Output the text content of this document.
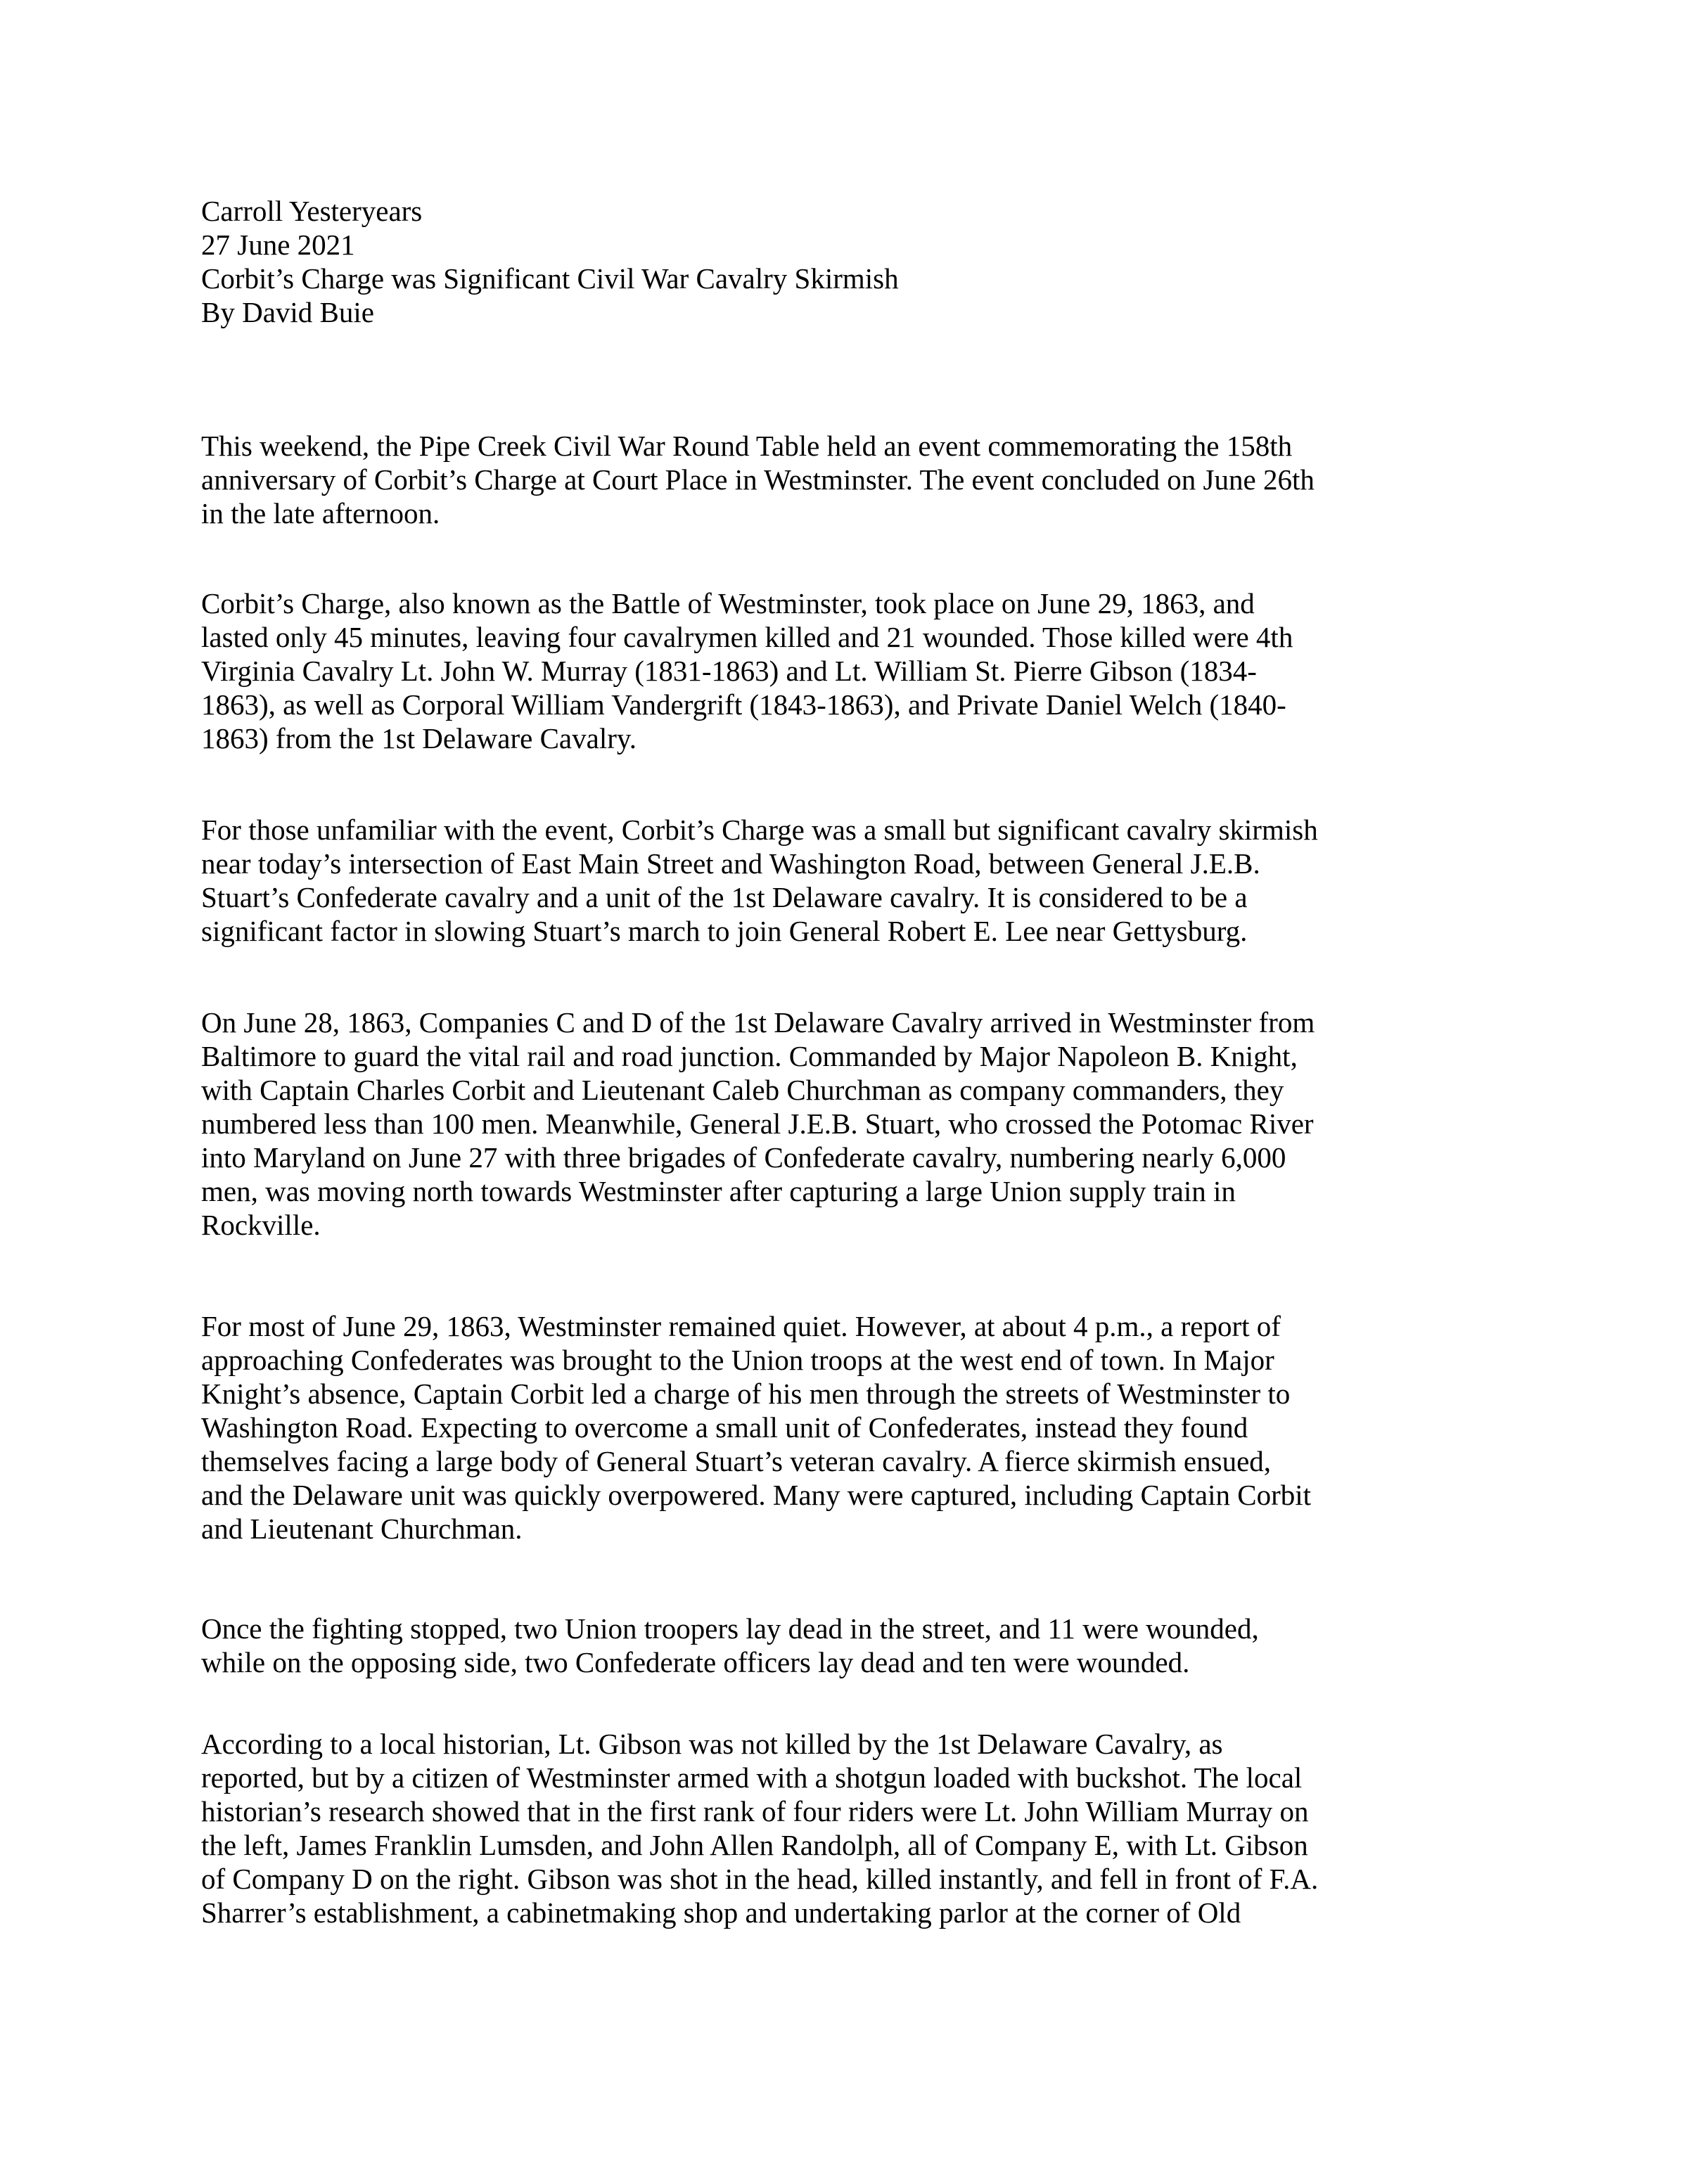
Carroll Yesteryears
27 June 2021
Corbit’s Charge was Significant Civil War Cavalry Skirmish
By David Buie
This weekend, the Pipe Creek Civil War Round Table held an event commemorating the 158th
anniversary of Corbit’s Charge at Court Place in Westminster. The event concluded on June 26th
in the late afternoon.
Corbit’s Charge, also known as the Battle of Westminster, took place on June 29, 1863, and
lasted only 45 minutes, leaving four cavalrymen killed and 21 wounded. Those killed were 4th
Virginia Cavalry Lt. John W. Murray (1831-1863) and Lt. William St. Pierre Gibson (1834-
1863), as well as Corporal William Vandergrift (1843-1863), and Private Daniel Welch (1840-
1863) from the 1st Delaware Cavalry.
For those unfamiliar with the event, Corbit’s Charge was a small but significant cavalry skirmish
near today’s intersection of East Main Street and Washington Road, between General J.E.B.
Stuart’s Confederate cavalry and a unit of the 1st Delaware cavalry. It is considered to be a
significant factor in slowing Stuart’s march to join General Robert E. Lee near Gettysburg.
On June 28, 1863, Companies C and D of the 1st Delaware Cavalry arrived in Westminster from
Baltimore to guard the vital rail and road junction. Commanded by Major Napoleon B. Knight,
with Captain Charles Corbit and Lieutenant Caleb Churchman as company commanders, they
numbered less than 100 men. Meanwhile, General J.E.B. Stuart, who crossed the Potomac River
into Maryland on June 27 with three brigades of Confederate cavalry, numbering nearly 6,000
men, was moving north towards Westminster after capturing a large Union supply train in
Rockville.
For most of June 29, 1863, Westminster remained quiet. However, at about 4 p.m., a report of
approaching Confederates was brought to the Union troops at the west end of town. In Major
Knight’s absence, Captain Corbit led a charge of his men through the streets of Westminster to
Washington Road. Expecting to overcome a small unit of Confederates, instead they found
themselves facing a large body of General Stuart’s veteran cavalry. A fierce skirmish ensued,
and the Delaware unit was quickly overpowered. Many were captured, including Captain Corbit
and Lieutenant Churchman.
Once the fighting stopped, two Union troopers lay dead in the street, and 11 were wounded,
while on the opposing side, two Confederate officers lay dead and ten were wounded.
According to a local historian, Lt. Gibson was not killed by the 1st Delaware Cavalry, as
reported, but by a citizen of Westminster armed with a shotgun loaded with buckshot. The local
historian’s research showed that in the first rank of four riders were Lt. John William Murray on
the left, James Franklin Lumsden, and John Allen Randolph, all of Company E, with Lt. Gibson
of Company D on the right. Gibson was shot in the head, killed instantly, and fell in front of F.A.
Sharrer’s establishment, a cabinetmaking shop and undertaking parlor at the corner of Old
